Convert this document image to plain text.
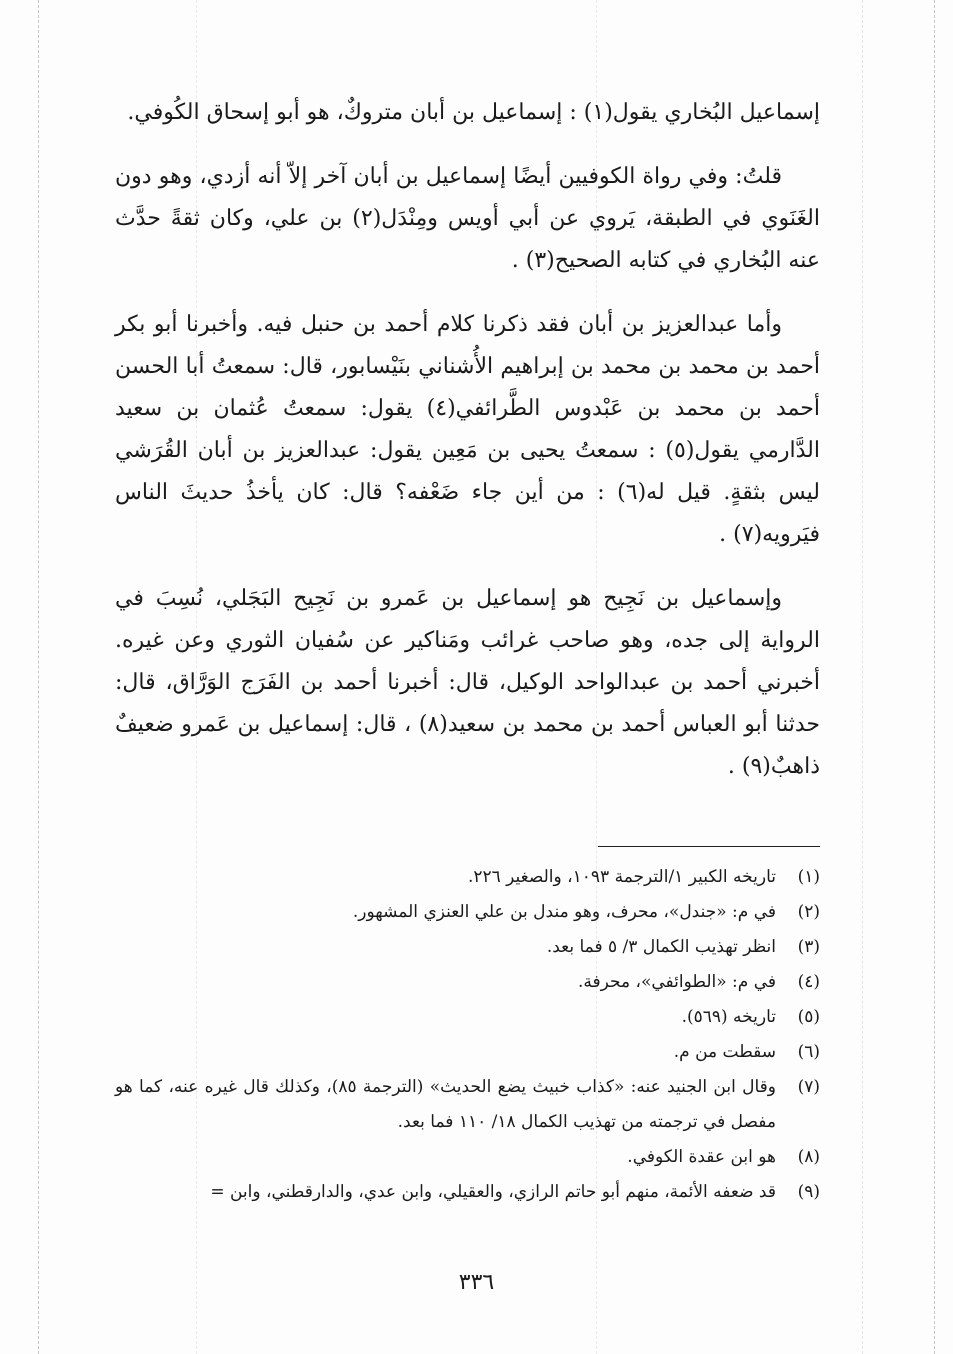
إسماعيل البُخاري يقول(١) : إسماعيل بن أبان متروكٌ، هو أبو إسحاق الكُوفي.

قلتُ: وفي رواة الكوفيين أيضًا إسماعيل بن أبان آخر إلاّ أنه أزدي، وهو دون الغَنَوي في الطبقة، يَروي عن أبي أويس ومِنْدَل(٢) بن علي، وكان ثقةً حدَّث عنه البُخاري في كتابه الصحيح(٣) .

وأما عبدالعزيز بن أبان فقد ذكرنا كلام أحمد بن حنبل فيه. وأخبرنا أبو بكر أحمد بن محمد بن محمد بن إبراهيم الأُشناني بنَيْسابور، قال: سمعتُ أبا الحسن أحمد بن محمد بن عَبْدوس الطَّرائفي(٤) يقول: سمعتُ عُثمان بن سعيد الدَّارمي يقول(٥) : سمعتُ يحيى بن مَعِين يقول: عبدالعزيز بن أبان القُرَشي ليس بثقةٍ. قيل له(٦) : من أين جاء ضَعْفه؟ قال: كان يأخذُ حديثَ الناس فيَرويه(٧) .

وإسماعيل بن نَجِيح هو إسماعيل بن عَمرو بن نَجِيح البَجَلي، نُسِبَ في الرواية إلى جده، وهو صاحب غرائب ومَناكير عن سُفيان الثوري وعن غيره. أخبرني أحمد بن عبدالواحد الوكيل، قال: أخبرنا أحمد بن الفَرَج الوَرَّاق، قال: حدثنا أبو العباس أحمد بن محمد بن سعيد(٨) ، قال: إسماعيل بن عَمرو ضعيفٌ ذاهبٌ(٩) .

(١)
تاريخه الكبير ١/الترجمة ١٠٩٣، والصغير ٢٢٦.
(٢)
في م: «جندل»، محرف، وهو مندل بن علي العنزي المشهور.
(٣)
انظر تهذيب الكمال ٣/ ٥ فما بعد.
(٤)
في م: «الطوائفي»، محرفة.
(٥)
تاريخه (٥٦٩).
(٦)
سقطت من م.
(٧)
وقال ابن الجنيد عنه: «كذاب خبيث يضع الحديث» (الترجمة ٨٥)، وكذلك قال غيره عنه، كما هو مفصل في ترجمته من تهذيب الكمال ١٨/ ١١٠ فما بعد.
(٨)
هو ابن عقدة الكوفي.
(٩)
قد ضعفه الأئمة، منهم أبو حاتم الرازي، والعقيلي، وابن عدي، والدارقطني، وابن =
٣٣٦
